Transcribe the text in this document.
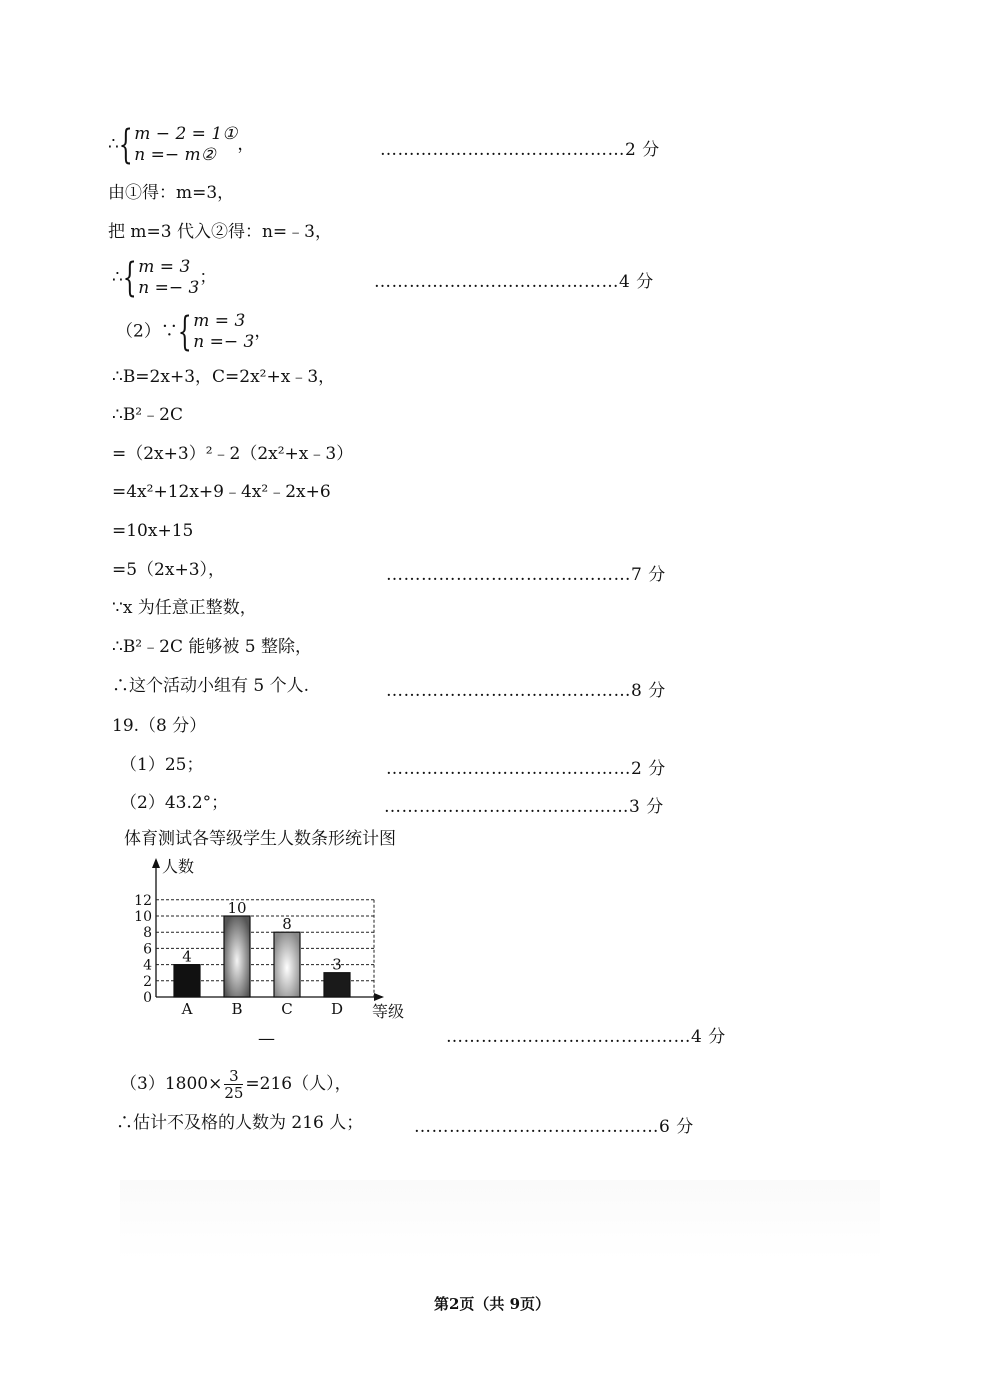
∴{ m − 2 = 1①
n =− m②，	……………………………………2 分
由①得：m=3，
把 m=3 代入②得：n=﹣3，
∴{ m = 3
n =− 3；	……………………………………4 分
（2）∵{ m = 3
n =− 3，
∴B=2x+3，C=2x²+x﹣3，
∴B²﹣2C
=（2x+3）²﹣2（2x²+x﹣3）
=4x²+12x+9﹣4x²﹣2x+6
=10x+15
=5（2x+3），	……………………………………7 分
∵x 为任意正整数，
∴B²﹣2C 能够被 5 整除，
∴这个活动小组有 5 个人.	……………………………………8 分
19.（8 分）
（1）25；	……………………………………2 分
（2）43.2°；	……………………………………3 分
体育测试各等级学生人数条形统计图
人数
等级
0
2
4
6
8
10
12
4
A
10
B
8
C
3
D
—	……………………………………4 分
$(3)1800\times \frac{3}{25} =216$（人），
∴估计不及格的人数为 216 人；	……………………………………6 分
第2页（共 9页）
